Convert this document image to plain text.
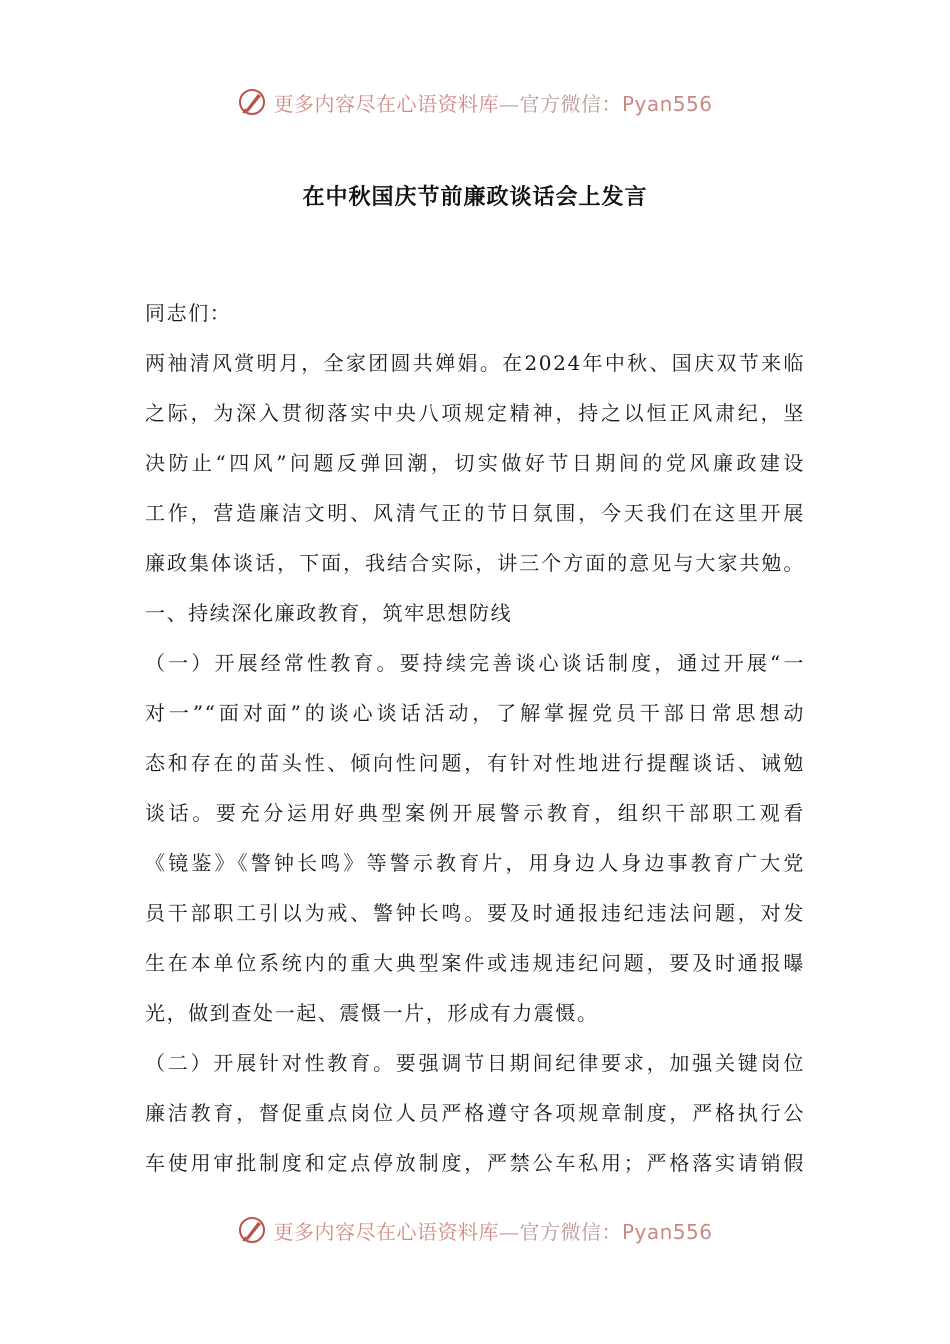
更多内容尽在心语资料库—官方微信：Pyan556
在中秋国庆节前廉政谈话会上发言
同志们：
两袖清风赏明月，全家团圆共婵娟。在2024年中秋、国庆双节来临
之际，为深入贯彻落实中央八项规定精神，持之以恒正风肃纪，坚
决防止“四风”问题反弹回潮，切实做好节日期间的党风廉政建设
工作，营造廉洁文明、风清气正的节日氛围，今天我们在这里开展
廉政集体谈话，下面，我结合实际，讲三个方面的意见与大家共勉。
一、持续深化廉政教育，筑牢思想防线
（一）开展经常性教育。要持续完善谈心谈话制度，通过开展“一
对一”“面对面”的谈心谈话活动，了解掌握党员干部日常思想动
态和存在的苗头性、倾向性问题，有针对性地进行提醒谈话、诫勉
谈话。要充分运用好典型案例开展警示教育，组织干部职工观看
《镜鉴》《警钟长鸣》等警示教育片，用身边人身边事教育广大党
员干部职工引以为戒、警钟长鸣。要及时通报违纪违法问题，对发
生在本单位系统内的重大典型案件或违规违纪问题，要及时通报曝
光，做到查处一起、震慑一片，形成有力震慑。
（二）开展针对性教育。要强调节日期间纪律要求，加强关键岗位
廉洁教育，督促重点岗位人员严格遵守各项规章制度，严格执行公
车使用审批制度和定点停放制度，严禁公车私用；严格落实请销假
更多内容尽在心语资料库—官方微信：Pyan556
